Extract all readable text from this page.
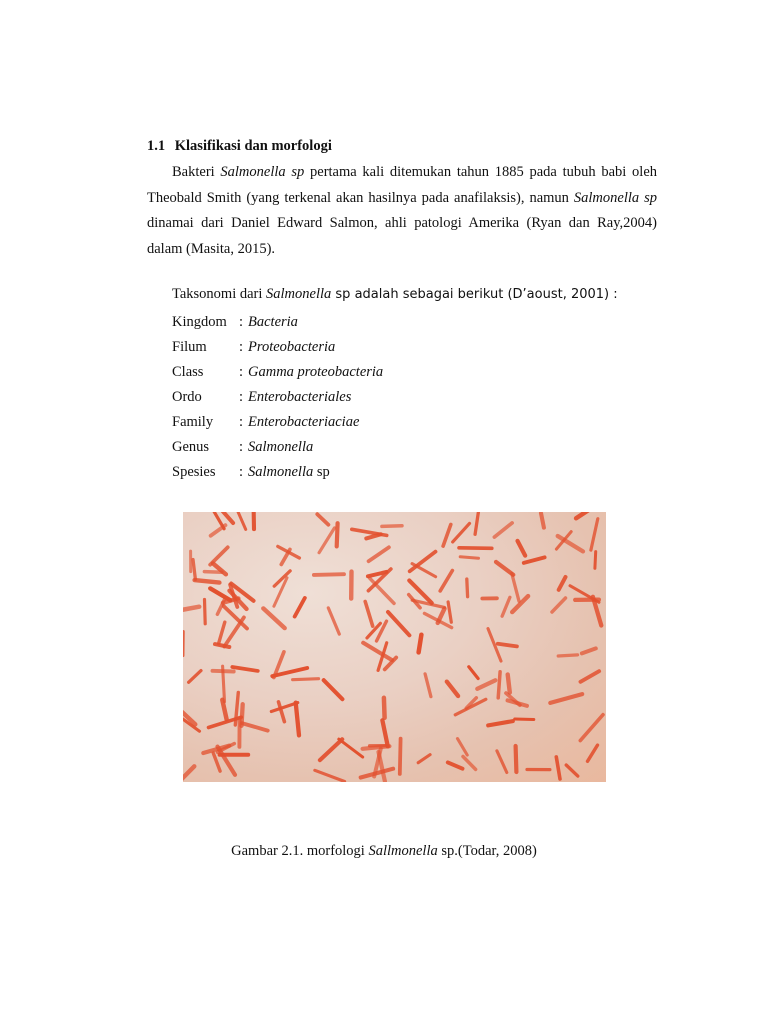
1.1 Klasifikasi dan morfologi
Bakteri Salmonella sp pertama kali ditemukan tahun 1885 pada tubuh babi oleh Theobald Smith (yang terkenal akan hasilnya pada anafilaksis), namun Salmonella sp dinamai dari Daniel Edward Salmon, ahli patologi Amerika (Ryan dan Ray,2004) dalam (Masita, 2015).
Taksonomi dari Salmonella sp adalah sebagai berikut (D’aoust, 2001) :
Kingdom : Bacteria
Filum	: Proteobacteria
Class	: Gamma proteobacteria
Ordo	: Enterobacteriales
Family	: Enterobacteriaciae
Genus	: Salmonella
Spesies	: Salmonella sp
Gambar 2.1. morfologi Sallmonella sp.(Todar, 2008)
